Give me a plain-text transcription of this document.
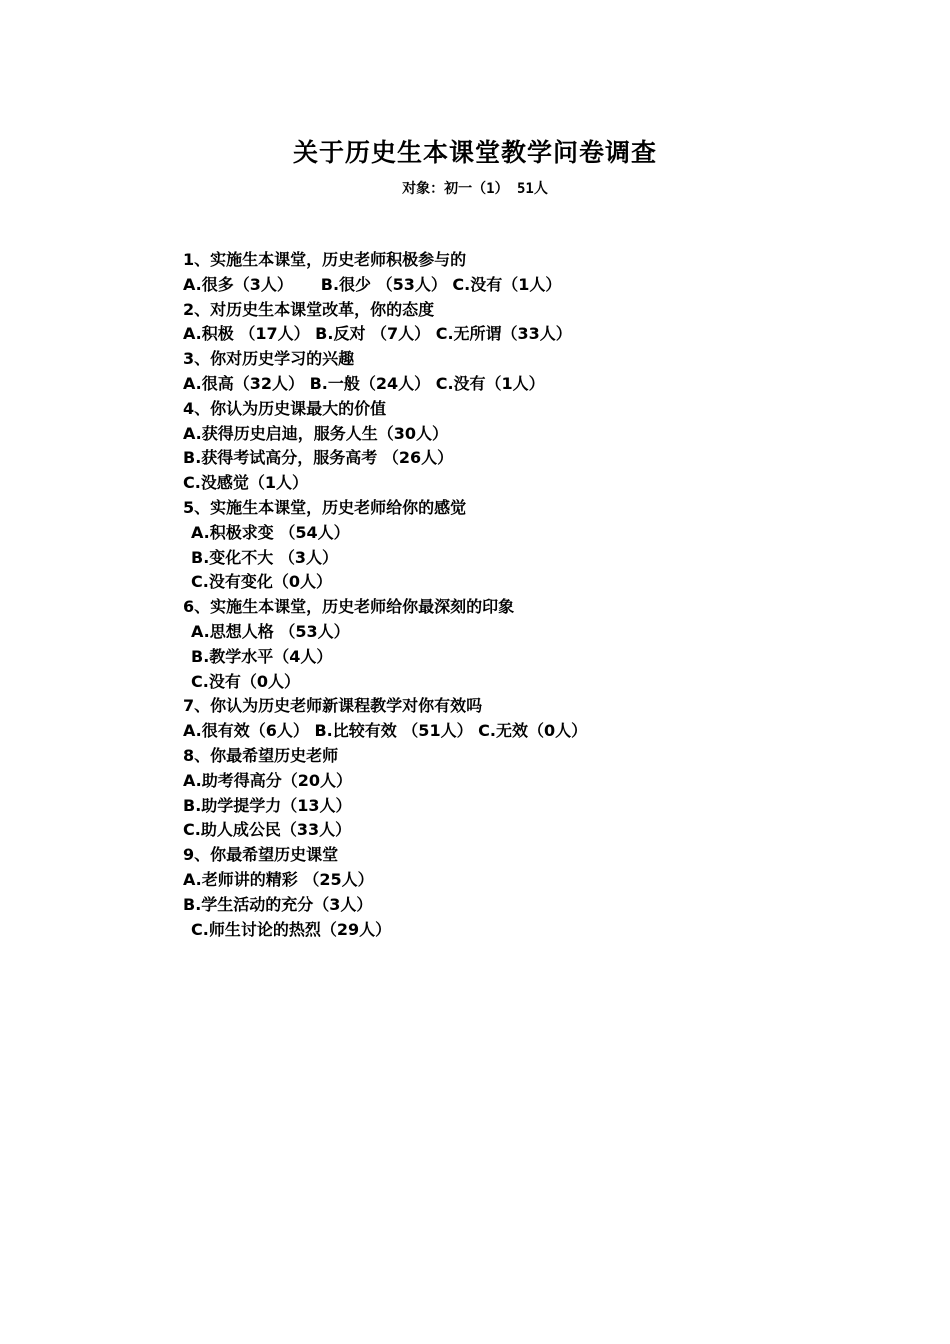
关于历史生本课堂教学问卷调查
对象：初一（1） 51人
1、实施生本课堂，历史老师积极参与的
A.很多（3人）     B.很少 （53人） C.没有（1人）
2、对历史生本课堂改革，你的态度
A.积极 （17人） B.反对 （7人） C.无所谓（33人）
3、你对历史学习的兴趣
A.很高（32人） B.一般（24人） C.没有（1人）
4、你认为历史课最大的价值
A.获得历史启迪，服务人生（30人）
B.获得考试高分，服务高考 （26人）
C.没感觉（1人）
5、实施生本课堂，历史老师给你的感觉
A.积极求变 （54人）
B.变化不大 （3人）
C.没有变化（0人）
6、实施生本课堂，历史老师给你最深刻的印象
A.思想人格 （53人）
B.教学水平（4人）
C.没有（0人）
7、你认为历史老师新课程教学对你有效吗
A.很有效（6人） B.比较有效 （51人） C.无效（0人）
8、你最希望历史老师
A.助考得高分（20人）
B.助学提学力（13人）
C.助人成公民（33人）
9、你最希望历史课堂
A.老师讲的精彩 （25人）
B.学生活动的充分（3人）
C.师生讨论的热烈（29人）
